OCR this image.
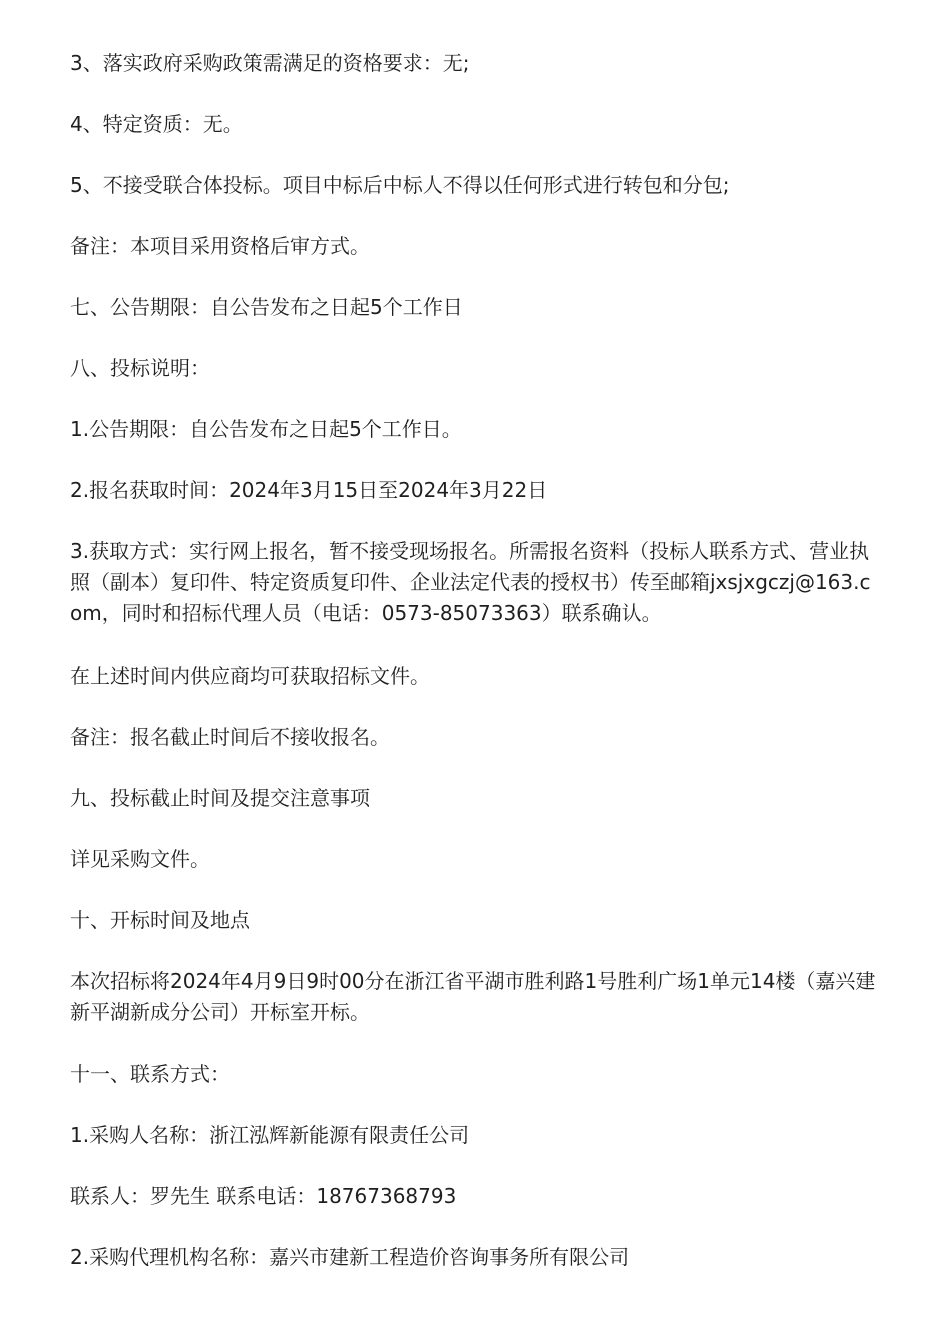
3、落实政府采购政策需满足的资格要求：无;

4、特定资质：无。

5、不接受联合体投标。项目中标后中标人不得以任何形式进行转包和分包;

备注：本项目采用资格后审方式。

七、公告期限：自公告发布之日起5个工作日

八、投标说明：

1.公告期限：自公告发布之日起5个工作日。

2.报名获取时间：2024年3月15日至2024年3月22日

3.获取方式：实行网上报名，暂不接受现场报名。所需报名资料（投标人联系方式、营业执照（副本）复印件、特定资质复印件、企业法定代表的授权书）传至邮箱jxsjxgczj@163.com，同时和招标代理人员（电话：0573-85073363）联系确认。

在上述时间内供应商均可获取招标文件。

备注：报名截止时间后不接收报名。

九、投标截止时间及提交注意事项

详见采购文件。

十、开标时间及地点

本次招标将2024年4月9日9时00分在浙江省平湖市胜利路1号胜利广场1单元14楼（嘉兴建新平湖新成分公司）开标室开标。

十一、联系方式：

1.采购人名称：浙江泓辉新能源有限责任公司

联系人：罗先生 联系电话：18767368793

2.采购代理机构名称：嘉兴市建新工程造价咨询事务所有限公司
